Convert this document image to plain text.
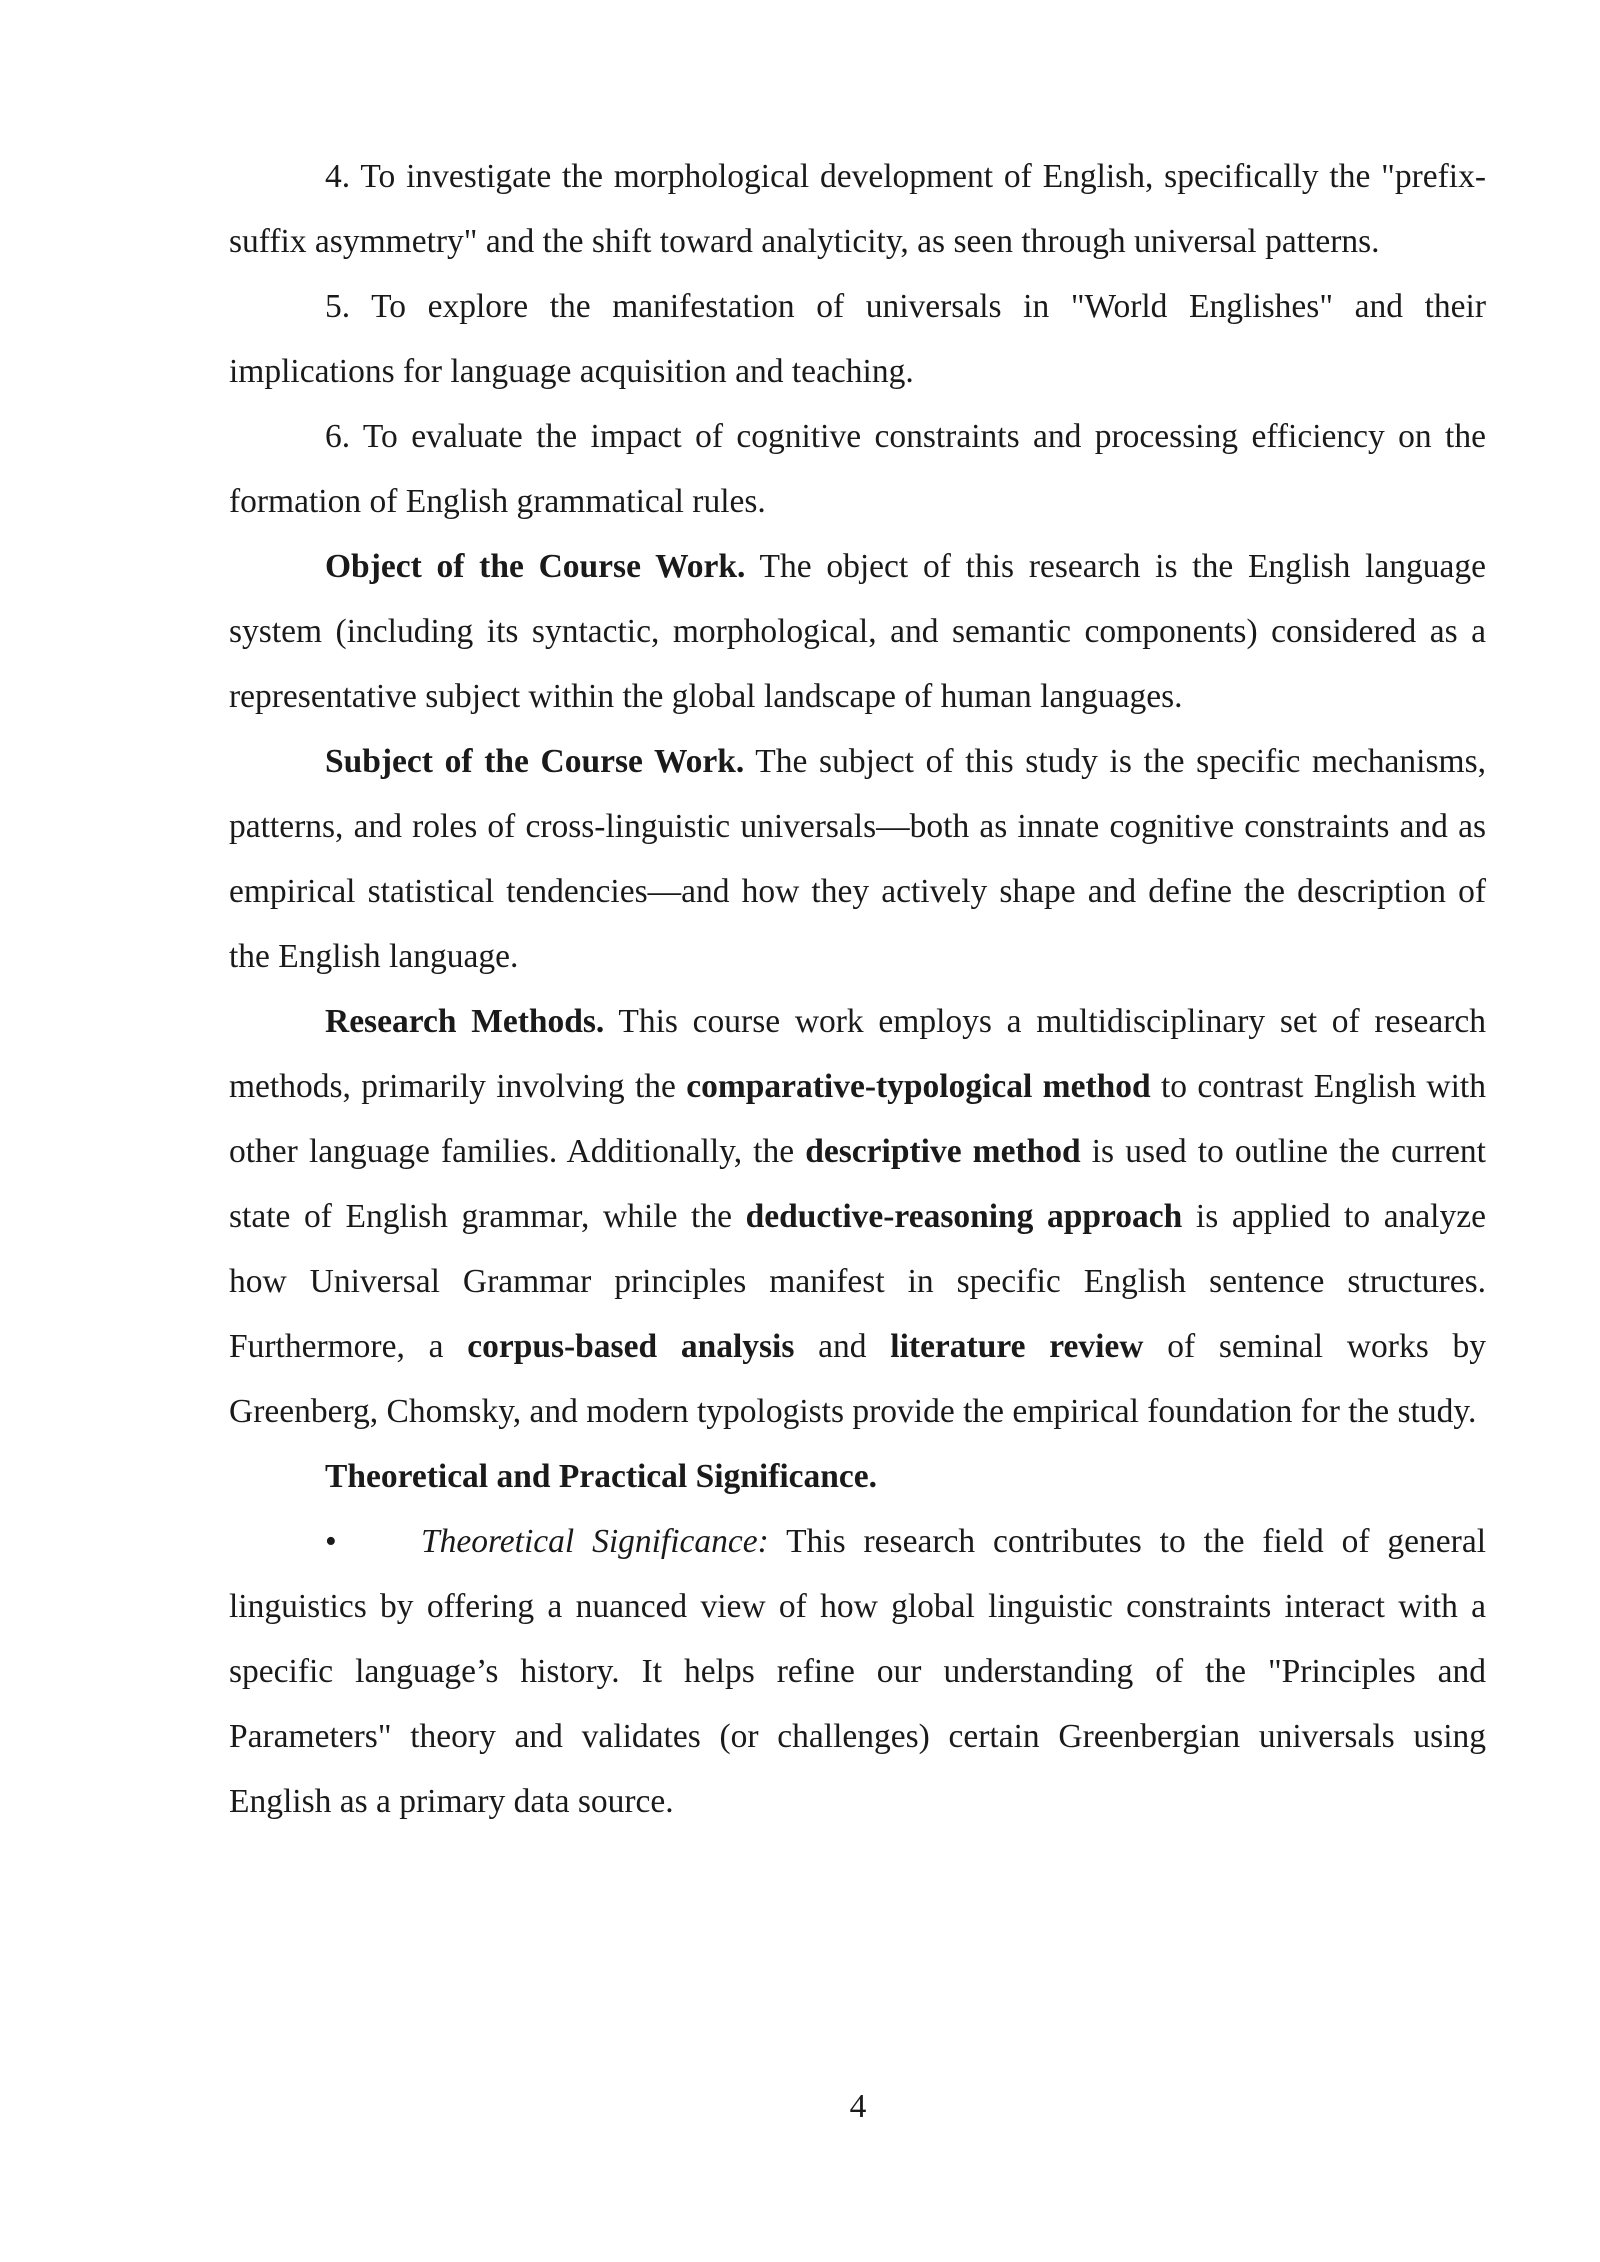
4. To investigate the morphological development of English, specifically the "prefix-suffix asymmetry" and the shift toward analyticity, as seen through universal patterns.

5. To explore the manifestation of universals in "World Englishes" and their implications for language acquisition and teaching.

6. To evaluate the impact of cognitive constraints and processing efficiency on the formation of English grammatical rules.

Object of the Course Work. The object of this research is the English language system (including its syntactic, morphological, and semantic components) considered as a representative subject within the global landscape of human languages.

Subject of the Course Work. The subject of this study is the specific mechanisms, patterns, and roles of cross-linguistic universals—both as innate cognitive constraints and as empirical statistical tendencies—and how they actively shape and define the description of the English language.

Research Methods. This course work employs a multidisciplinary set of research methods, primarily involving the comparative-typological method to contrast English with other language families. Additionally, the descriptive method is used to outline the current state of English grammar, while the deductive-reasoning approach is applied to analyze how Universal Grammar principles manifest in specific English sentence structures. Furthermore, a corpus-based analysis and literature review of seminal works by Greenberg, Chomsky, and modern typologists provide the empirical foundation for the study.

Theoretical and Practical Significance.

•	Theoretical Significance: This research contributes to the field of general linguistics by offering a nuanced view of how global linguistic constraints interact with a specific language’s history. It helps refine our understanding of the "Principles and Parameters" theory and validates (or challenges) certain Greenbergian universals using English as a primary data source.

4
